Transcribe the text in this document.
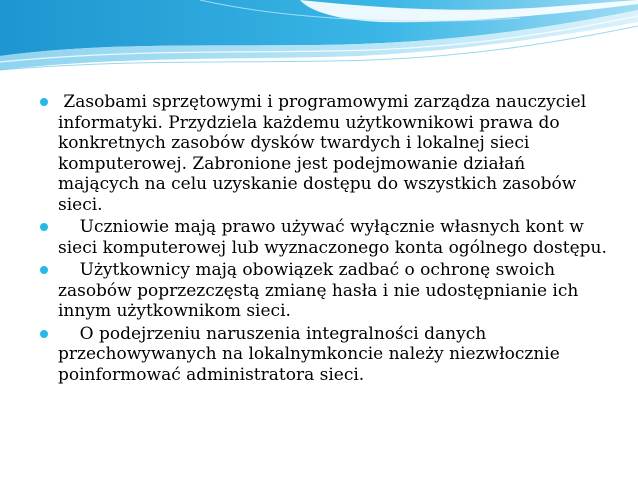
Zasobami sprzętowymi i programowymi zarządza nauczyciel informatyki. Przydziela każdemu użytkownikowi prawa do konkretnych zasobów dysków twardych i lokalnej sieci komputerowej. Zabronione jest podejmowanie działań mających na celu uzyskanie dostępu do wszystkich zasobów sieci.
Uczniowie mają prawo używać wyłącznie własnych kont w sieci komputerowej lub wyznaczonego konta ogólnego dostępu.
Użytkownicy mają obowiązek zadbać o ochronę swoich zasobów poprzezczęstą zmianę hasła i nie udostępnianie ich innym użytkownikom sieci.
O podejrzeniu naruszenia integralności danych przechowywanych na lokalnymkoncie należy niezwłocznie poinformować administratora sieci.
